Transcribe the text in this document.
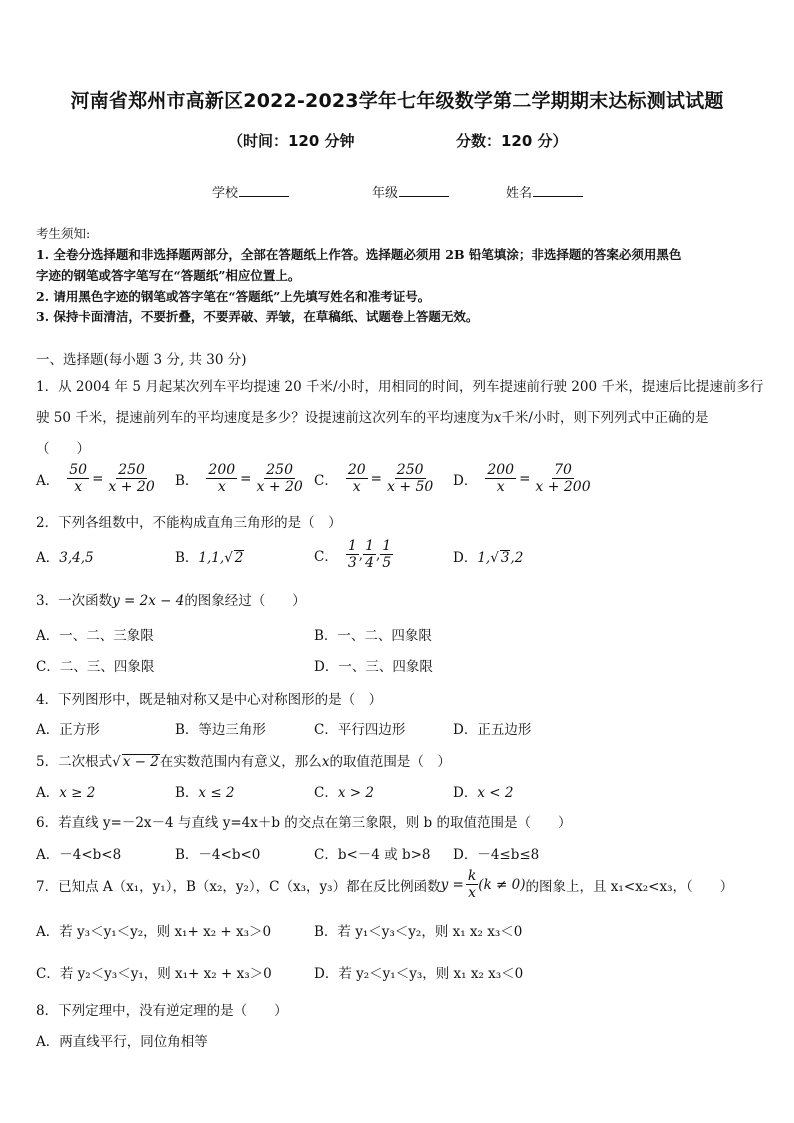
河南省郑州市高新区2022-2023学年七年级数学第二学期期末达标测试试题
（时间：120 分钟	分数：120 分）
学校	年级	姓名
考生须知:
1. 全卷分选择题和非选择题两部分，全部在答题纸上作答。选择题必须用 2B 铅笔填涂；非选择题的答案必须用黑色
字迹的钢笔或答字笔写在“答题纸”相应位置上。
2. 请用黑色字迹的钢笔或答字笔在“答题纸”上先填写姓名和准考证号。
3. 保持卡面清洁，不要折叠，不要弄破、弄皱，在草稿纸、试题卷上答题无效。
一、选择题(每小题 3 分, 共 30 分)
1．从 2004 年 5 月起某次列车平均提速 20 千米/小时，用相同的时间，列车提速前行驶 200 千米，提速后比提速前多行
驶 50 千米，提速前列车的平均速度是多少？设提速前这次列车的平均速度为x千米/小时，则下列列式中正确的是
（　　）
A． $\frac{50}{x} = \frac{250}{x + 20}$ B． $\frac{200}{x} = \frac{250}{x + 20}$ C． $\frac{20}{x} = \frac{250}{x + 50}$ D． $\frac{200}{x} = \frac{70}{x + 200}$
2．下列各组数中，不能构成直角三角形的是（　）
A．3,4,5	B．1,1,√ 2	C． $\frac{1}{3}$ , $\frac{1}{4}$ , $\frac{1}{5}$	D．1,√ 3,2
3．一次函数y = 2x − 4的图象经过（　　）
A．一、二、三象限	B．一、二、四象限
C．二、三、四象限	D．一、三、四象限
4．下列图形中，既是轴对称又是中心对称图形的是（　）
A．正方形	B．等边三角形	C．平行四边形	D．正五边形
5．二次根式√ x − 2在实数范围内有意义，那么x的取值范围是（　）
A．x ≥ 2	B．x ≤ 2	C．x > 2	D．x < 2
6．若直线 y=－2x－4 与直线 y=4x＋b 的交点在第三象限，则 b 的取值范围是（　　）
A．－4<b<8	B．－4<b<0	C．b<－4 或 b>8 D．－4≤b≤8
7．已知点 A（x₁，y₁），B（x₂，y₂），C（x₃，y₃）都在反比例函数 $y = \frac{k}{x} (k \ne 0)$ 的图象上，且 x₁<x₂<x₃，（　　）
A．若 y₃＜y₁＜y₂，则 x₁+ x₂ + x₃＞0	B．若 y₁＜y₃＜y₂，则 x₁ x₂ x₃＜0
C．若 y₂＜y₃＜y₁，则 x₁+ x₂ + x₃＞0	D．若 y₂＜y₁＜y₃，则 x₁ x₂ x₃＜0
8．下列定理中，没有逆定理的是（　　）
A．两直线平行，同位角相等
